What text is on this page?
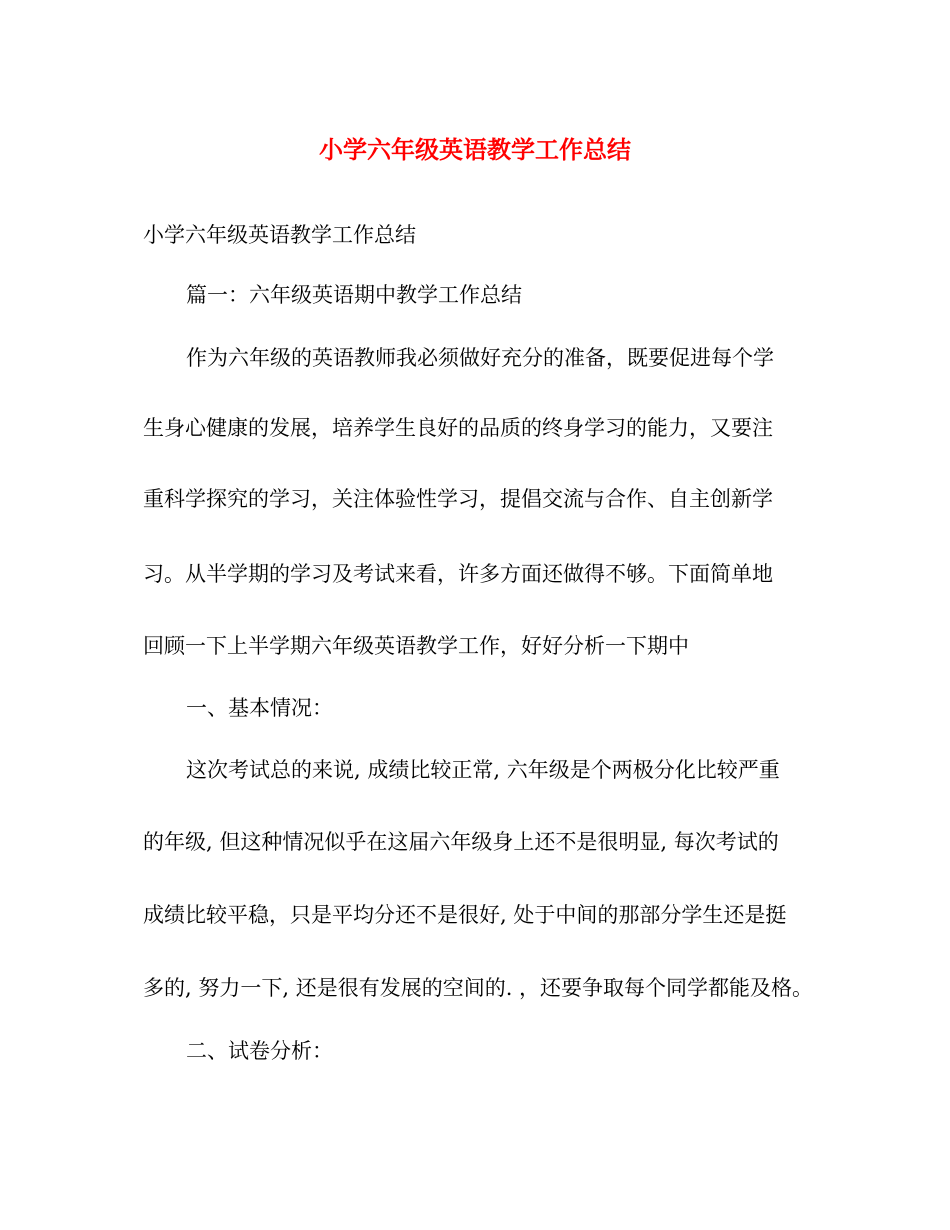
小学六年级英语教学工作总结
小学六年级英语教学工作总结
篇一：六年级英语期中教学工作总结
作为六年级的英语教师我必须做好充分的准备，既要促进每个学
生身心健康的发展，培养学生良好的品质的终身学习的能力，又要注
重科学探究的学习，关注体验性学习，提倡交流与合作、自主创新学
习。从半学期的学习及考试来看，许多方面还做得不够。下面简单地
回顾一下上半学期六年级英语教学工作，好好分析一下期中
一、基本情况：
这次考试总的来说, 成绩比较正常, 六年级是个两极分化比较严重
的年级, 但这种情况似乎在这届六年级身上还不是很明显, 每次考试的
成绩比较平稳，只是平均分还不是很好, 处于中间的那部分学生还是挺
多的, 努力一下, 还是很有发展的空间的. ，还要争取每个同学都能及格。
二、试卷分析：
